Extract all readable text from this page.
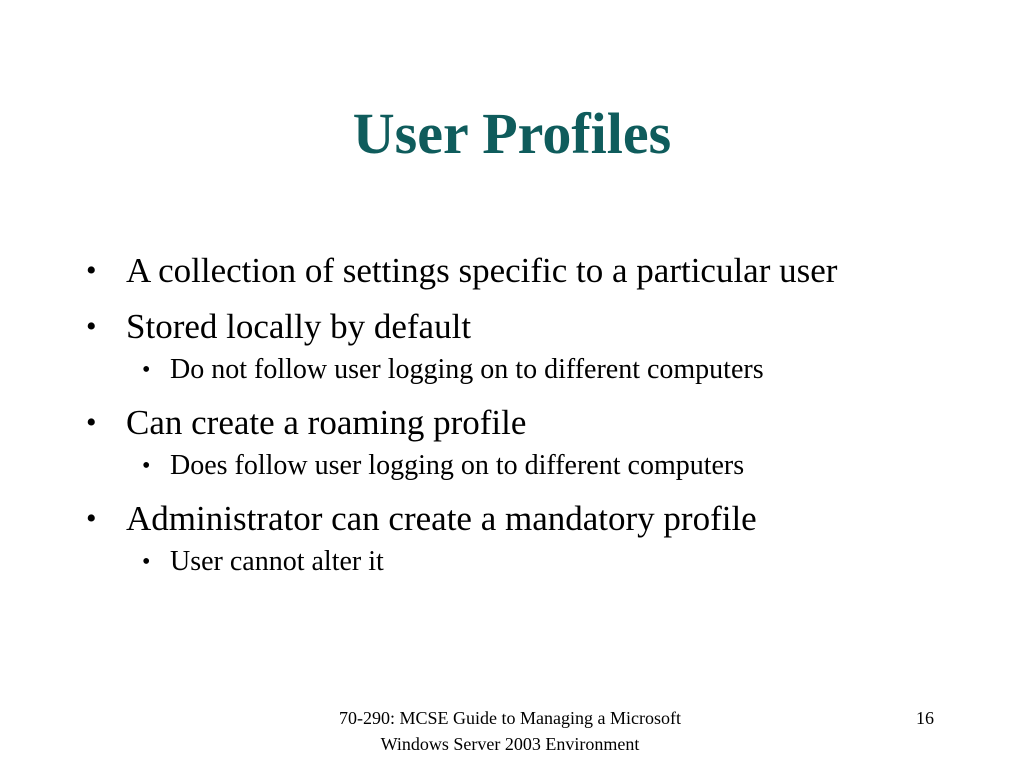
User Profiles
• A collection of settings specific to a particular user
• Stored locally by default
• Do not follow user logging on to different computers
• Can create a roaming profile
• Does follow user logging on to different computers
• Administrator can create a mandatory profile
• User cannot alter it
70-290: MCSE Guide to Managing a Microsoft
Windows Server 2003 Environment
16
